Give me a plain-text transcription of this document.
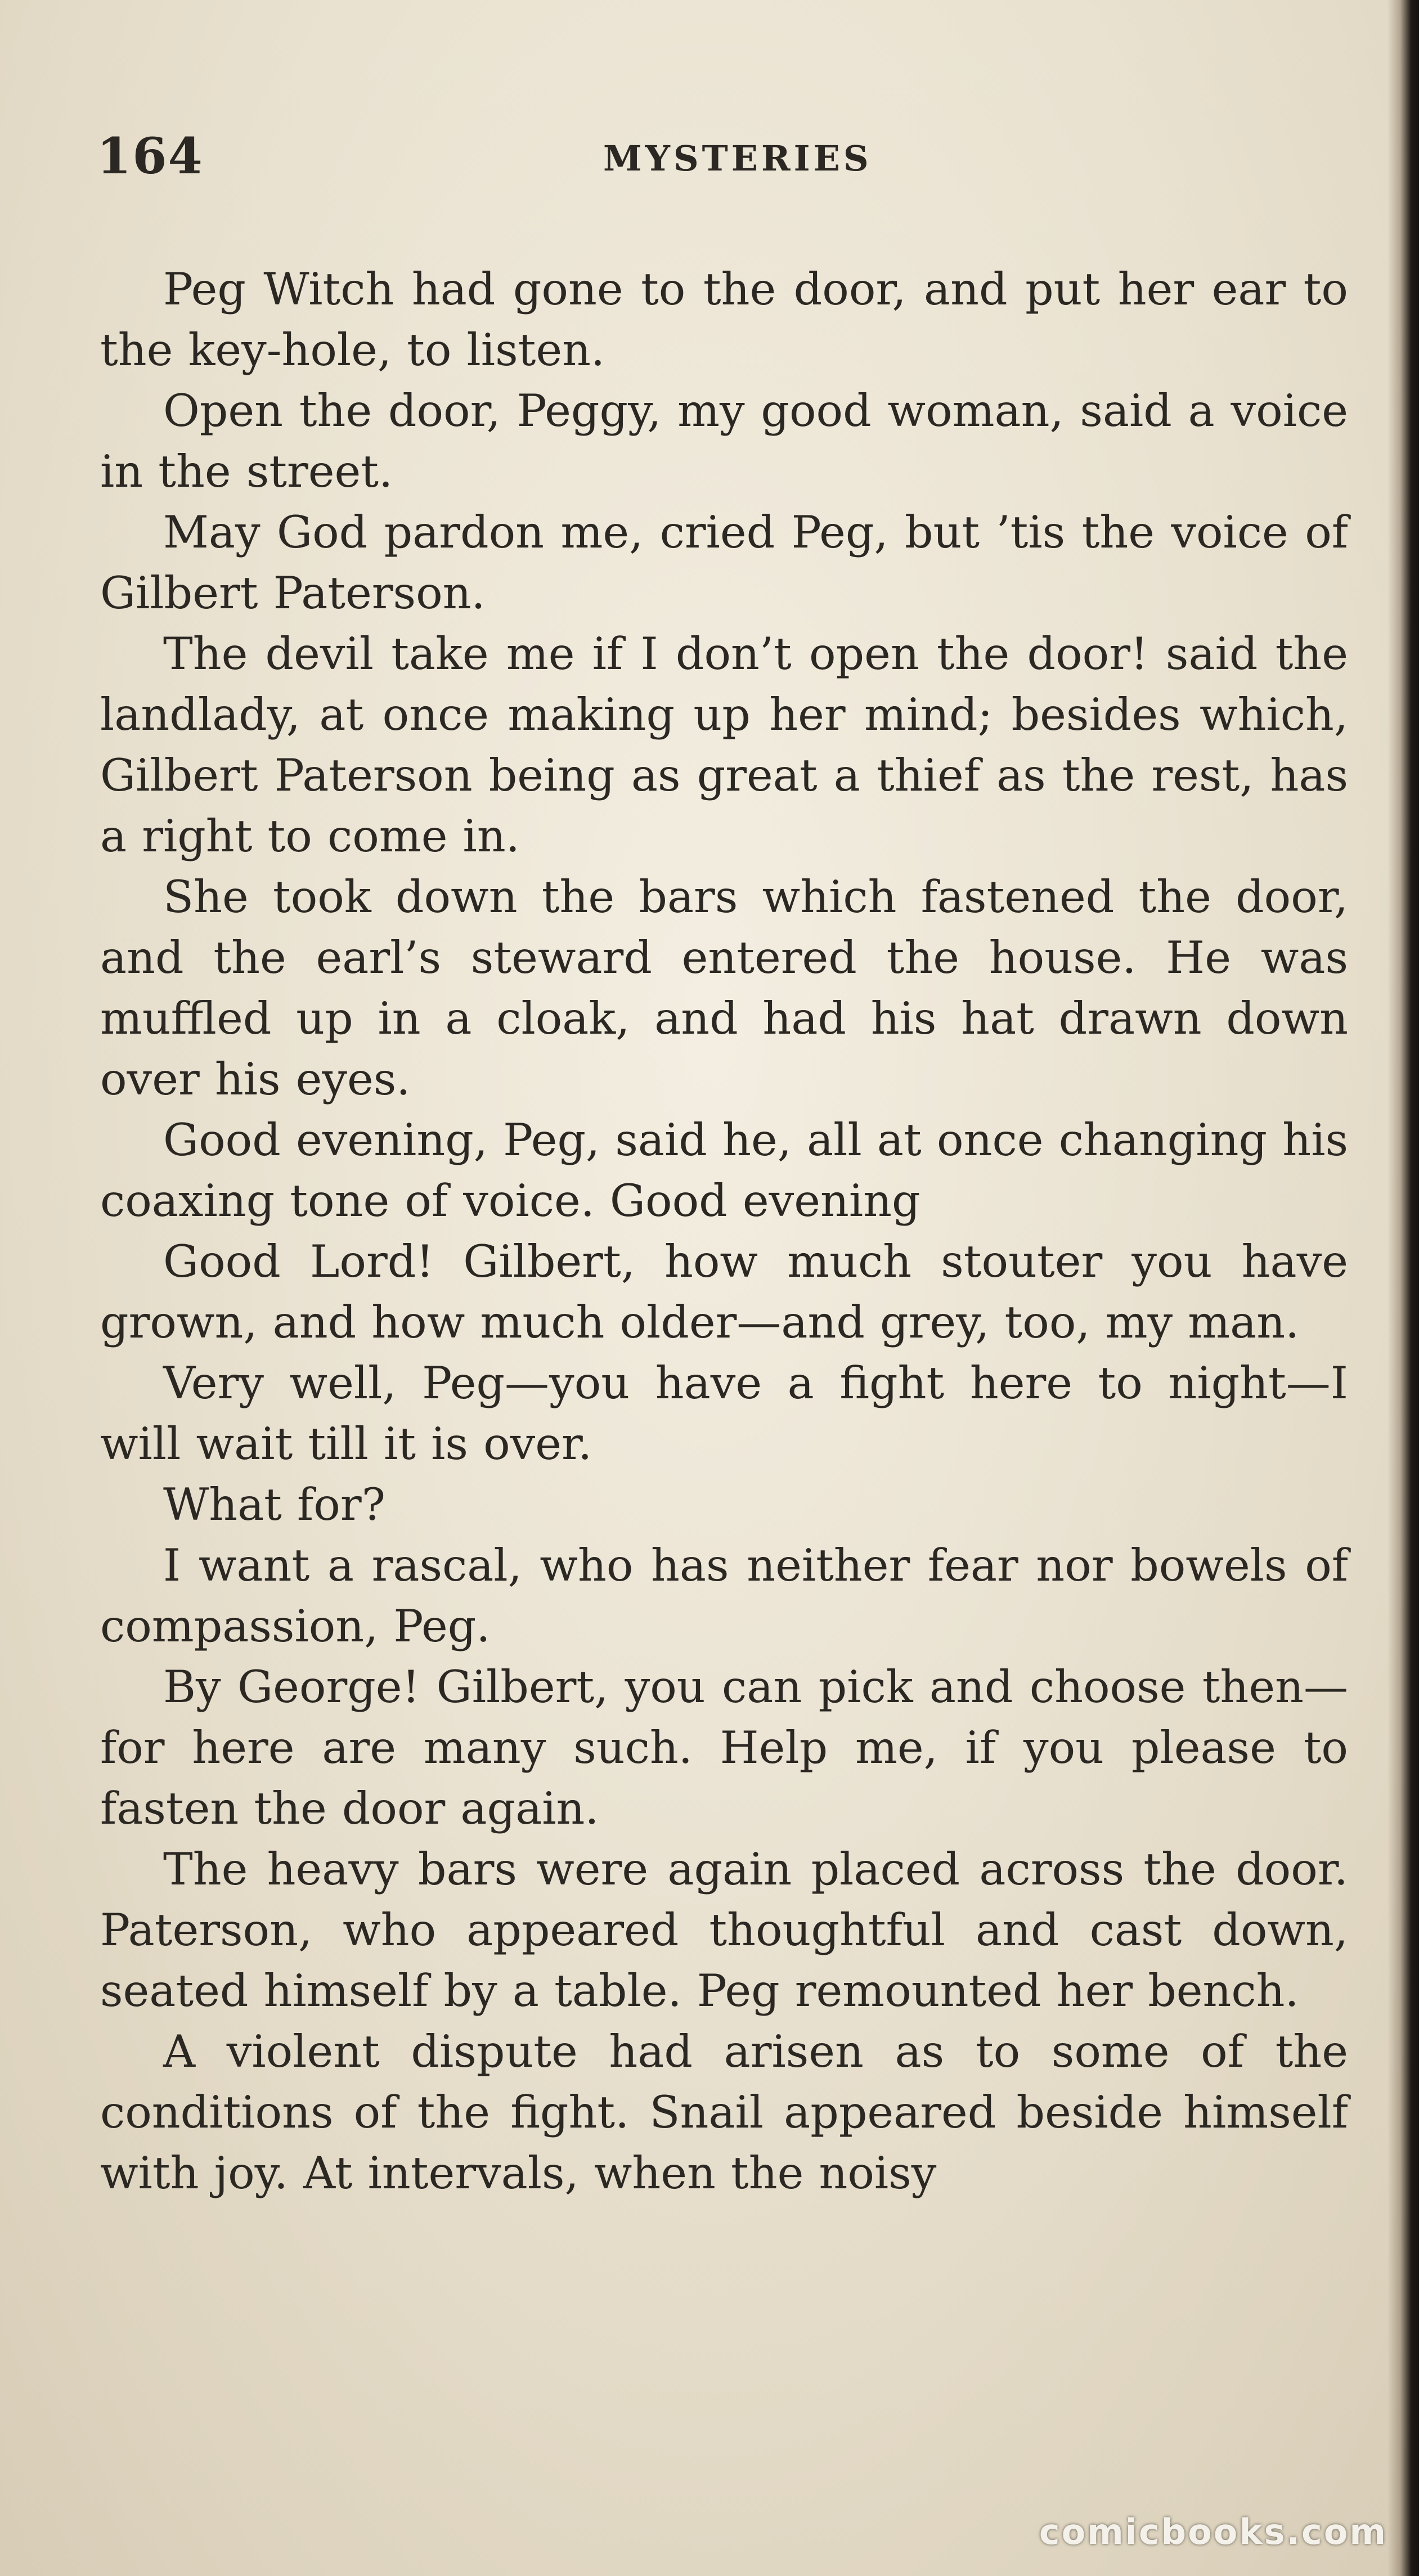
164	MYSTERIES

Peg Witch had gone to the door, and put her ear to the key-hole, to listen.

Open the door, Peggy, my good woman, said a voice in the street.

May God pardon me, cried Peg, but ’tis the voice of Gilbert Paterson.

The devil take me if I don’t open the door! said the landlady, at once making up her mind; besides which, Gilbert Paterson being as great a thief as the rest, has a right to come in.

She took down the bars which fastened the door, and the earl’s steward entered the house. He was muffled up in a cloak, and had his hat drawn down over his eyes.

Good evening, Peg, said he, all at once changing his coaxing tone of voice. Good evening

Good Lord! Gilbert, how much stouter you have grown, and how much older—and grey, too, my man.

Very well, Peg—you have a fight here to night—I will wait till it is over.

What for?

I want a rascal, who has neither fear nor bowels of compassion, Peg.

By George! Gilbert, you can pick and choose then—for here are many such. Help me, if you please to fasten the door again.

The heavy bars were again placed across the door. Paterson, who appeared thoughtful and cast down, seated himself by a table. Peg remounted her bench.

A violent dispute had arisen as to some of the conditions of the fight. Snail appeared beside himself with joy. At intervals, when the noisy

comicbooks.com
